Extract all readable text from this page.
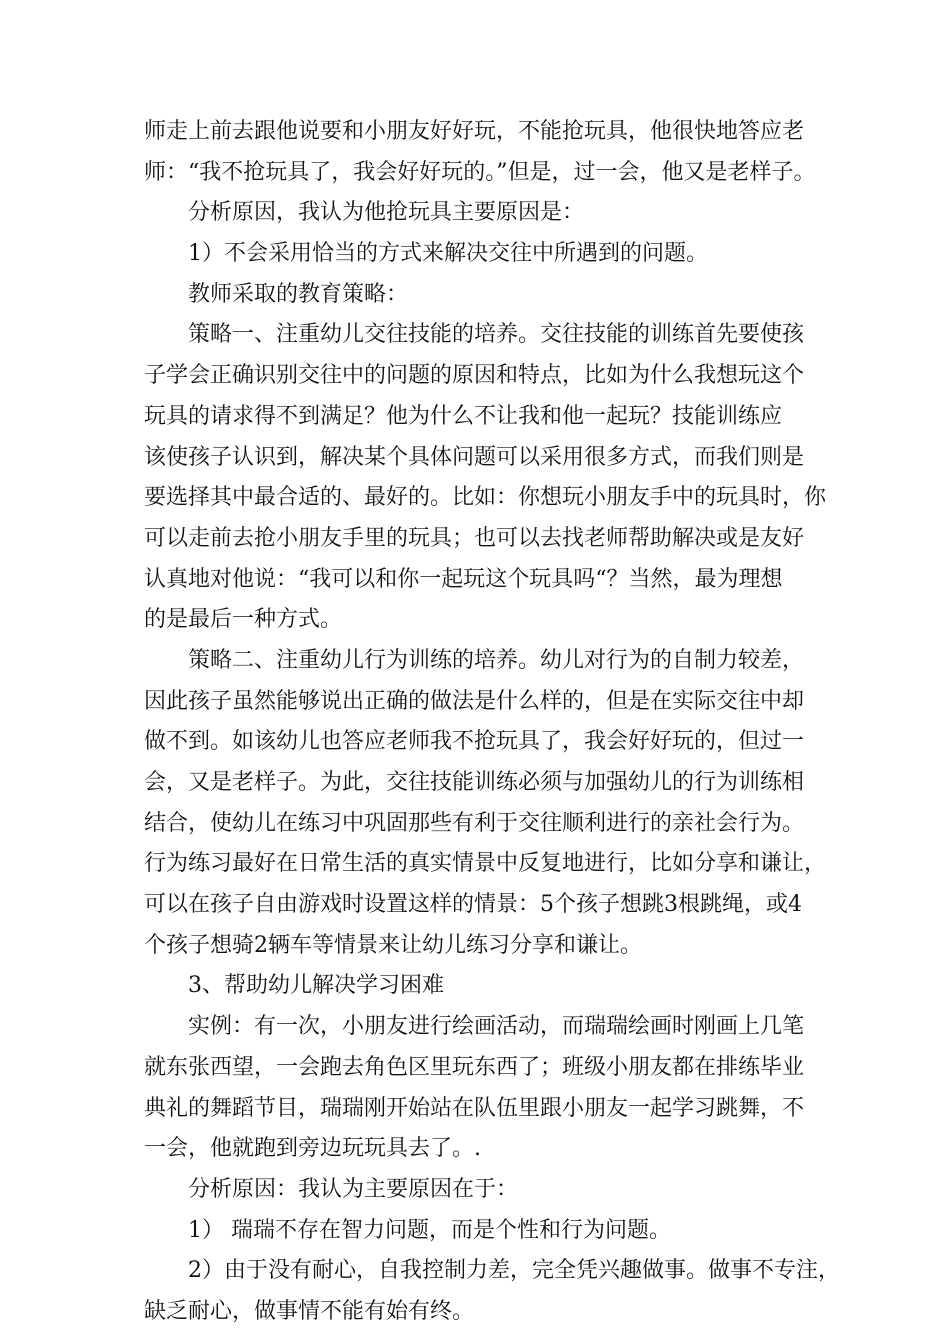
师走上前去跟他说要和小朋友好好玩，不能抢玩具，他很快地答应老
师：“我不抢玩具了，我会好好玩的。”但是，过一会，他又是老样子。
分析原因，我认为他抢玩具主要原因是：
1）不会采用恰当的方式来解决交往中所遇到的问题。
教师采取的教育策略：
策略一、注重幼儿交往技能的培养。交往技能的训练首先要使孩
子学会正确识别交往中的问题的原因和特点，比如为什么我想玩这个
玩具的请求得不到满足？他为什么不让我和他一起玩？技能训练应
该使孩子认识到，解决某个具体问题可以采用很多方式，而我们则是
要选择其中最合适的、最好的。比如：你想玩小朋友手中的玩具时，你
可以走前去抢小朋友手里的玩具；也可以去找老师帮助解决或是友好
认真地对他说：“我可以和你一起玩这个玩具吗“？当然，最为理想
的是最后一种方式。
策略二、注重幼儿行为训练的培养。幼儿对行为的自制力较差，
因此孩子虽然能够说出正确的做法是什么样的，但是在实际交往中却
做不到。如该幼儿也答应老师我不抢玩具了，我会好好玩的，但过一
会，又是老样子。为此，交往技能训练必须与加强幼儿的行为训练相
结合，使幼儿在练习中巩固那些有利于交往顺利进行的亲社会行为。
行为练习最好在日常生活的真实情景中反复地进行，比如分享和谦让，
可以在孩子自由游戏时设置这样的情景：5个孩子想跳3根跳绳，或4
个孩子想骑2辆车等情景来让幼儿练习分享和谦让。
3、帮助幼儿解决学习困难
实例：有一次，小朋友进行绘画活动，而瑞瑞绘画时刚画上几笔
就东张西望，一会跑去角色区里玩东西了；班级小朋友都在排练毕业
典礼的舞蹈节目，瑞瑞刚开始站在队伍里跟小朋友一起学习跳舞，不
一会，他就跑到旁边玩玩具去了。.
分析原因：我认为主要原因在于：
1） 瑞瑞不存在智力问题，而是个性和行为问题。
2）由于没有耐心，自我控制力差，完全凭兴趣做事。做事不专注，
缺乏耐心，做事情不能有始有终。
